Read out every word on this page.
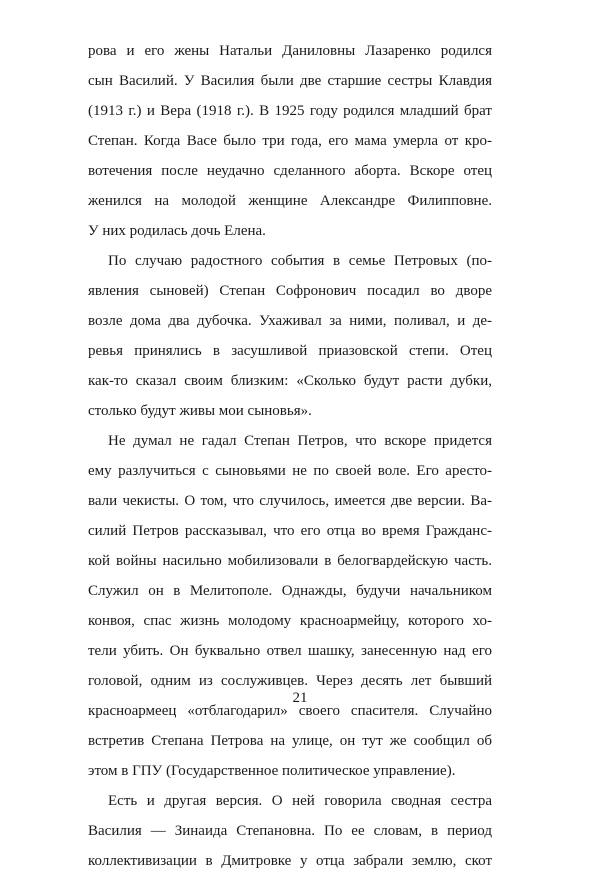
рова и его жены Натальи Даниловны Лазаренко родился
сын Василий. У Василия были две старшие сестры Клавдия
(1913 г.) и Вера (1918 г.). В 1925 году родился младший брат
Степан. Когда Васе было три года, его мама умерла от кро-
вотечения после неудачно сделанного аборта. Вскоре отец
женился на молодой женщине Александре Филипповне.
У них родилась дочь Елена.
По случаю радостного события в семье Петровых (по-
явления сыновей) Степан Софронович посадил во дворе
возле дома два дубочка. Ухаживал за ними, поливал, и де-
ревья принялись в засушливой приазовской степи. Отец
как-то сказал своим близким: «Сколько будут расти дубки,
столько будут живы мои сыновья».
Не думал не гадал Степан Петров, что вскоре придется
ему разлучиться с сыновьями не по своей воле. Его аресто-
вали чекисты. О том, что случилось, имеется две версии. Ва-
силий Петров рассказывал, что его отца во время Гражданс-
кой войны насильно мобилизовали в белогвардейскую часть.
Служил он в Мелитополе. Однажды, будучи начальником
конвоя, спас жизнь молодому красноармейцу, которого хо-
тели убить. Он буквально отвел шашку, занесенную над его
головой, одним из сослуживцев. Через десять лет бывший
красноармеец «отблагодарил» своего спасителя. Случайно
встретив Степана Петрова на улице, он тут же сообщил об
этом в ГПУ (Государственное политическое управление).
Есть и другая версия. О ней говорила сводная сестра
Василия — Зинаида Степановна. По ее словам, в период
коллективизации в Дмитровке у отца забрали землю, скот
21
